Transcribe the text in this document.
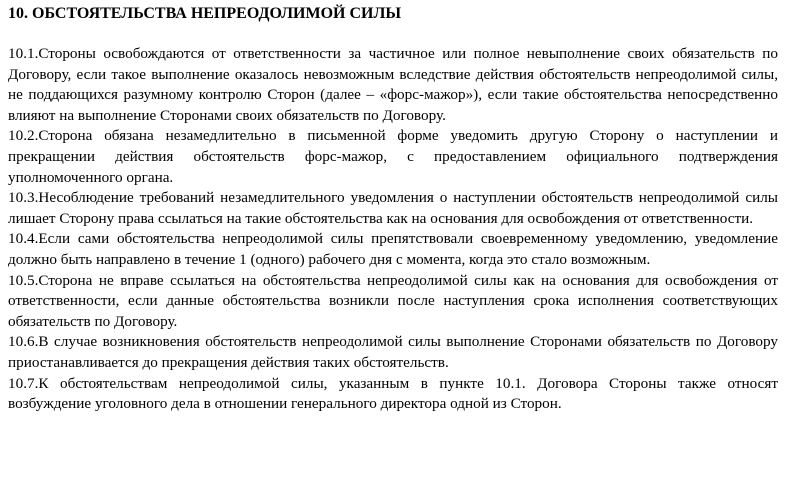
10. ОБСТОЯТЕЛЬСТВА НЕПРЕОДОЛИМОЙ СИЛЫ

10.1.Стороны освобождаются от ответственности за частичное или полное невыполнение своих обязательств по Договору, если такое выполнение оказалось невозможным вследствие действия обстоятельств непреодолимой силы, не поддающихся разумному контролю Сторон (далее – «форс-мажор»), если такие обстоятельства непосредственно влияют на выполнение Сторонами своих обязательств по Договору.

10.2.Сторона обязана незамедлительно в письменной форме уведомить другую Сторону о наступлении и прекращении действия обстоятельств форс-мажор, с предоставлением официального подтверждения уполномоченного органа.

10.3.Несоблюдение требований незамедлительного уведомления о наступлении обстоятельств непреодолимой силы лишает Сторону права ссылаться на такие обстоятельства как на основания для освобождения от ответственности.

10.4.Если сами обстоятельства непреодолимой силы препятствовали своевременному уведомлению, уведомление должно быть направлено в течение 1 (одного) рабочего дня с момента, когда это стало возможным.

10.5.Сторона не вправе ссылаться на обстоятельства непреодолимой силы как на основания для освобождения от ответственности, если данные обстоятельства возникли после наступления срока исполнения соответствующих обязательств по Договору.

10.6.В случае возникновения обстоятельств непреодолимой силы выполнение Сторонами обязательств по Договору приостанавливается до прекращения действия таких обстоятельств.

10.7.К обстоятельствам непреодолимой силы, указанным в пункте 10.1. Договора Стороны также относят возбуждение уголовного дела в отношении генерального директора одной из Сторон.
